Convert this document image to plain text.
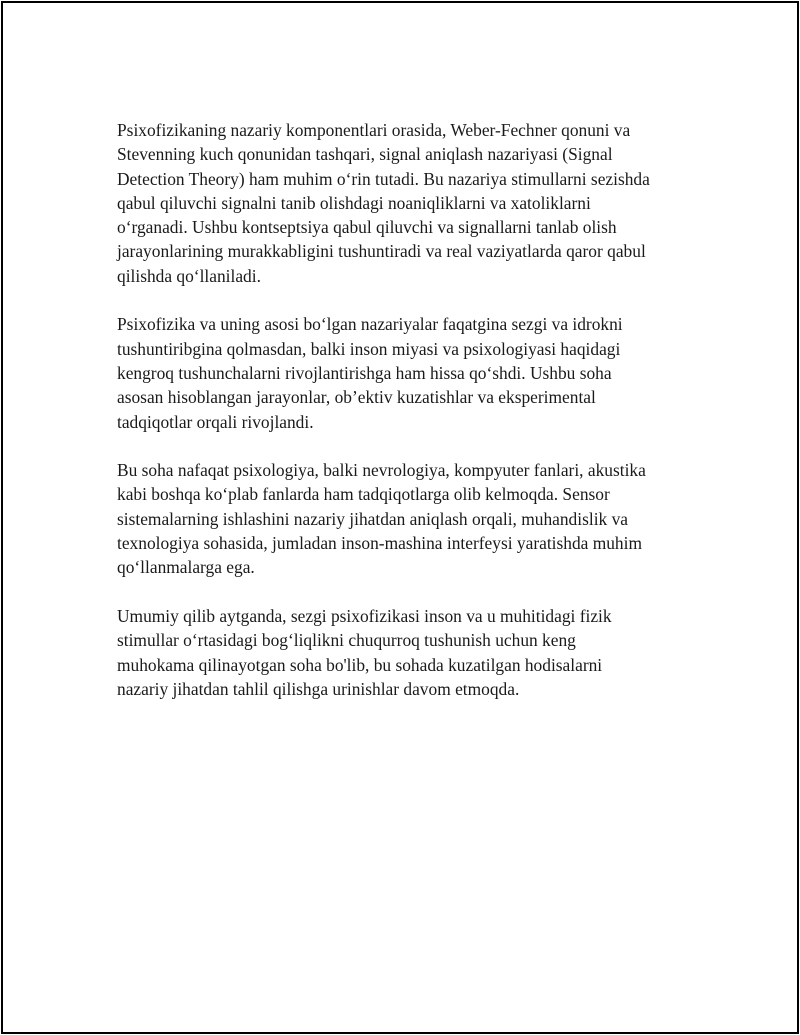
Psixofizikaning nazariy komponentlari orasida, Weber-Fechner qonuni va
Stevenning kuch qonunidan tashqari, signal aniqlash nazariyasi (Signal
Detection Theory) ham muhim o‘rin tutadi. Bu nazariya stimullarni sezishda
qabul qiluvchi signalni tanib olishdagi noaniqliklarni va xatoliklarni
o‘rganadi. Ushbu kontseptsiya qabul qiluvchi va signallarni tanlab olish
jarayonlarining murakkabligini tushuntiradi va real vaziyatlarda qaror qabul
qilishda qo‘llaniladi.

Psixofizika va uning asosi bo‘lgan nazariyalar faqatgina sezgi va idrokni
tushuntiribgina qolmasdan, balki inson miyasi va psixologiyasi haqidagi
kengroq tushunchalarni rivojlantirishga ham hissa qo‘shdi. Ushbu soha
asosan hisoblangan jarayonlar, ob’ektiv kuzatishlar va eksperimental
tadqiqotlar orqali rivojlandi.

Bu soha nafaqat psixologiya, balki nevrologiya, kompyuter fanlari, akustika
kabi boshqa ko‘plab fanlarda ham tadqiqotlarga olib kelmoqda. Sensor
sistemalarning ishlashini nazariy jihatdan aniqlash orqali, muhandislik va
texnologiya sohasida, jumladan inson-mashina interfeysi yaratishda muhim
qo‘llanmalarga ega.

Umumiy qilib aytganda, sezgi psixofizikasi inson va u muhitidagi fizik
stimullar o‘rtasidagi bog‘liqlikni chuqurroq tushunish uchun keng
muhokama qilinayotgan soha bo'lib, bu sohada kuzatilgan hodisalarni
nazariy jihatdan tahlil qilishga urinishlar davom etmoqda.
